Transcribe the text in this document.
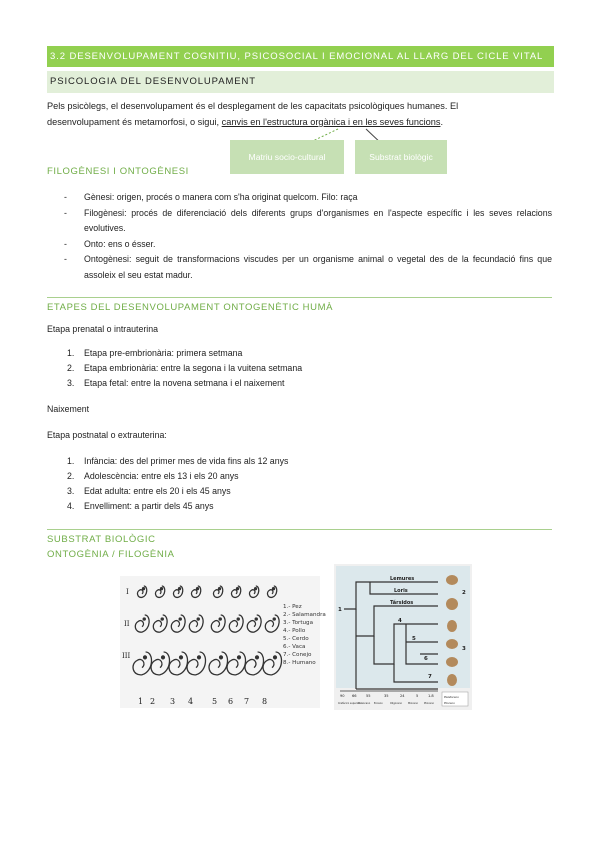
3.2 DESENVOLUPAMENT COGNITIU, PSICOSOCIAL I EMOCIONAL AL LLARG DEL CICLE VITAL
PSICOLOGIA DEL DESENVOLUPAMENT
Pels psicòlegs, el desenvolupament és el desplegament de les capacitats psicològiques humanes. El
desenvolupament és metamorfosi, o sigui, canvis en l'estructura orgànica i en les seves funcions.
Matriu socio-cultural	Substrat biològic
FILOGÈNESI I ONTOGÈNESI
- Gènesi: origen, procés o manera com s'ha originat quelcom. Filo: raça
- Filogènesi: procés de diferenciació dels diferents grups d'organismes en l'aspecte específic i les seves relacions evolutives.
- Onto: ens o ésser.
- Ontogènesi: seguit de transformacions viscudes per un organisme animal o vegetal des de la fecundació fins que assoleix el seu estat madur.
ETAPES DEL DESENVOLUPAMENT ONTOGENÈTIC HUMÀ
Etapa prenatal o intrauterina
1. Etapa pre-embrionària: primera setmana
2. Etapa embrionària: entre la segona i la vuitena setmana
3. Etapa fetal: entre la novena setmana i el naixement
Naixement
Etapa postnatal o extrauterina:
1. Infància: des del primer mes de vida fins als 12 anys
2. Adolescència: entre els 13 i els 20 anys
3. Edat adulta: entre els 20 i els 45 anys
4. Envelliment: a partir dels 45 anys
SUBSTRAT BIOLÒGIC
ONTOGÈNIA / FILOGÈNIA
I
II
III
1.- Pez
2.- Salamandra
3.- Tortuga
4.- Pollo
5.- Cerdo
6.- Vaca
7.- Conejo
8.- Humano
1 2 3 4 5 6 7 8
Lemures
Loris
Társidos
1
2
3
4
5
6
7
90 66	55	35	24	5	1.8
Cretácico superior
Paleoceno Eoceno	Oligoceno	Mioceno	Plioceno
Pleistoceno
Plioceno
